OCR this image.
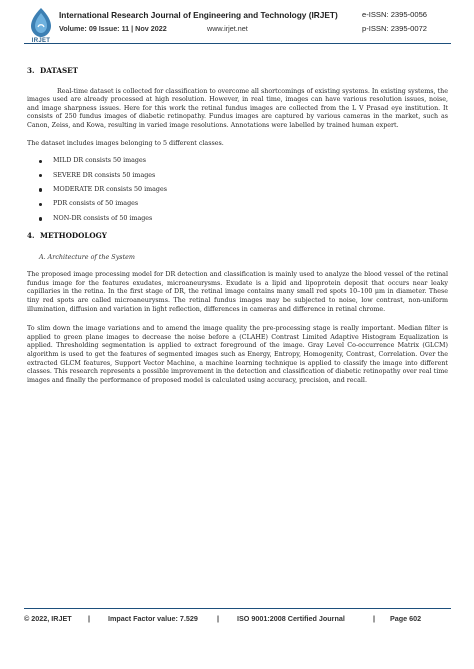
IRJET
International Research Journal of Engineering and Technology (IRJET)
Volume: 09 Issue: 11 | Nov 2022	www.irjet.net
e-ISSN: 2395-0056
p-ISSN: 2395-0072
3. DATASET

Real-time dataset is collected for classification to overcome all shortcomings of existing systems. In existing systems, the images used are already processed at high resolution. However, in real time, images can have various resolution issues, noise, and image sharpness issues. Here for this work the retinal fundus images are collected from the L V Prasad eye institution. It consists of 250 fundus images of diabetic retinopathy. Fundus images are captured by various cameras in the market, such as Canon, Zeiss, and Kowa, resulting in varied image resolutions. Annotations were labelled by trained human expert.

The dataset includes images belonging to 5 different classes.

MILD DR consists 50 images
SEVERE DR consists 50 images
MODERATE DR consists 50 images
PDR consists of 50 images
NON-DR consists of 50 images
4. METHODOLOGY
A. Architecture of the System

The proposed image processing model for DR detection and classification is mainly used to analyze the blood vessel of the retinal fundus image for the features exudates, microaneurysms. Exudate is a lipid and lipoprotein deposit that occurs near leaky capillaries in the retina. In the first stage of DR, the retinal image contains many small red spots 10–100 μm in diameter. These tiny red spots are called microaneurysms. The retinal fundus images may be subjected to noise, low contrast, non-uniform illumination, diffusion and variation in light reflection, differences in cameras and difference in retinal chrome.

To slim down the image variations and to amend the image quality the pre-processing stage is really important. Median filter is applied to green plane images to decrease the noise before a (CLAHE) Contrast Limited Adaptive Histogram Equalization is applied. Thresholding segmentation is applied to extract foreground of the image. Gray Level Co-occurrence Matrix (GLCM) algorithm is used to get the features of segmented images such as Energy, Entropy, Homogenity, Contrast, Correlation. Over the extracted GLCM features, Support Vector Machine, a machine learning technique is applied to classify the image into different classes. This research represents a possible improvement in the detection and classification of diabetic retinopathy over real time images and finally the performance of proposed model is calculated using accuracy, precision, and recall.

© 2022, IRJET | Impact Factor value: 7.529	| ISO 9001:2008 Certified Journal	| Page 602
